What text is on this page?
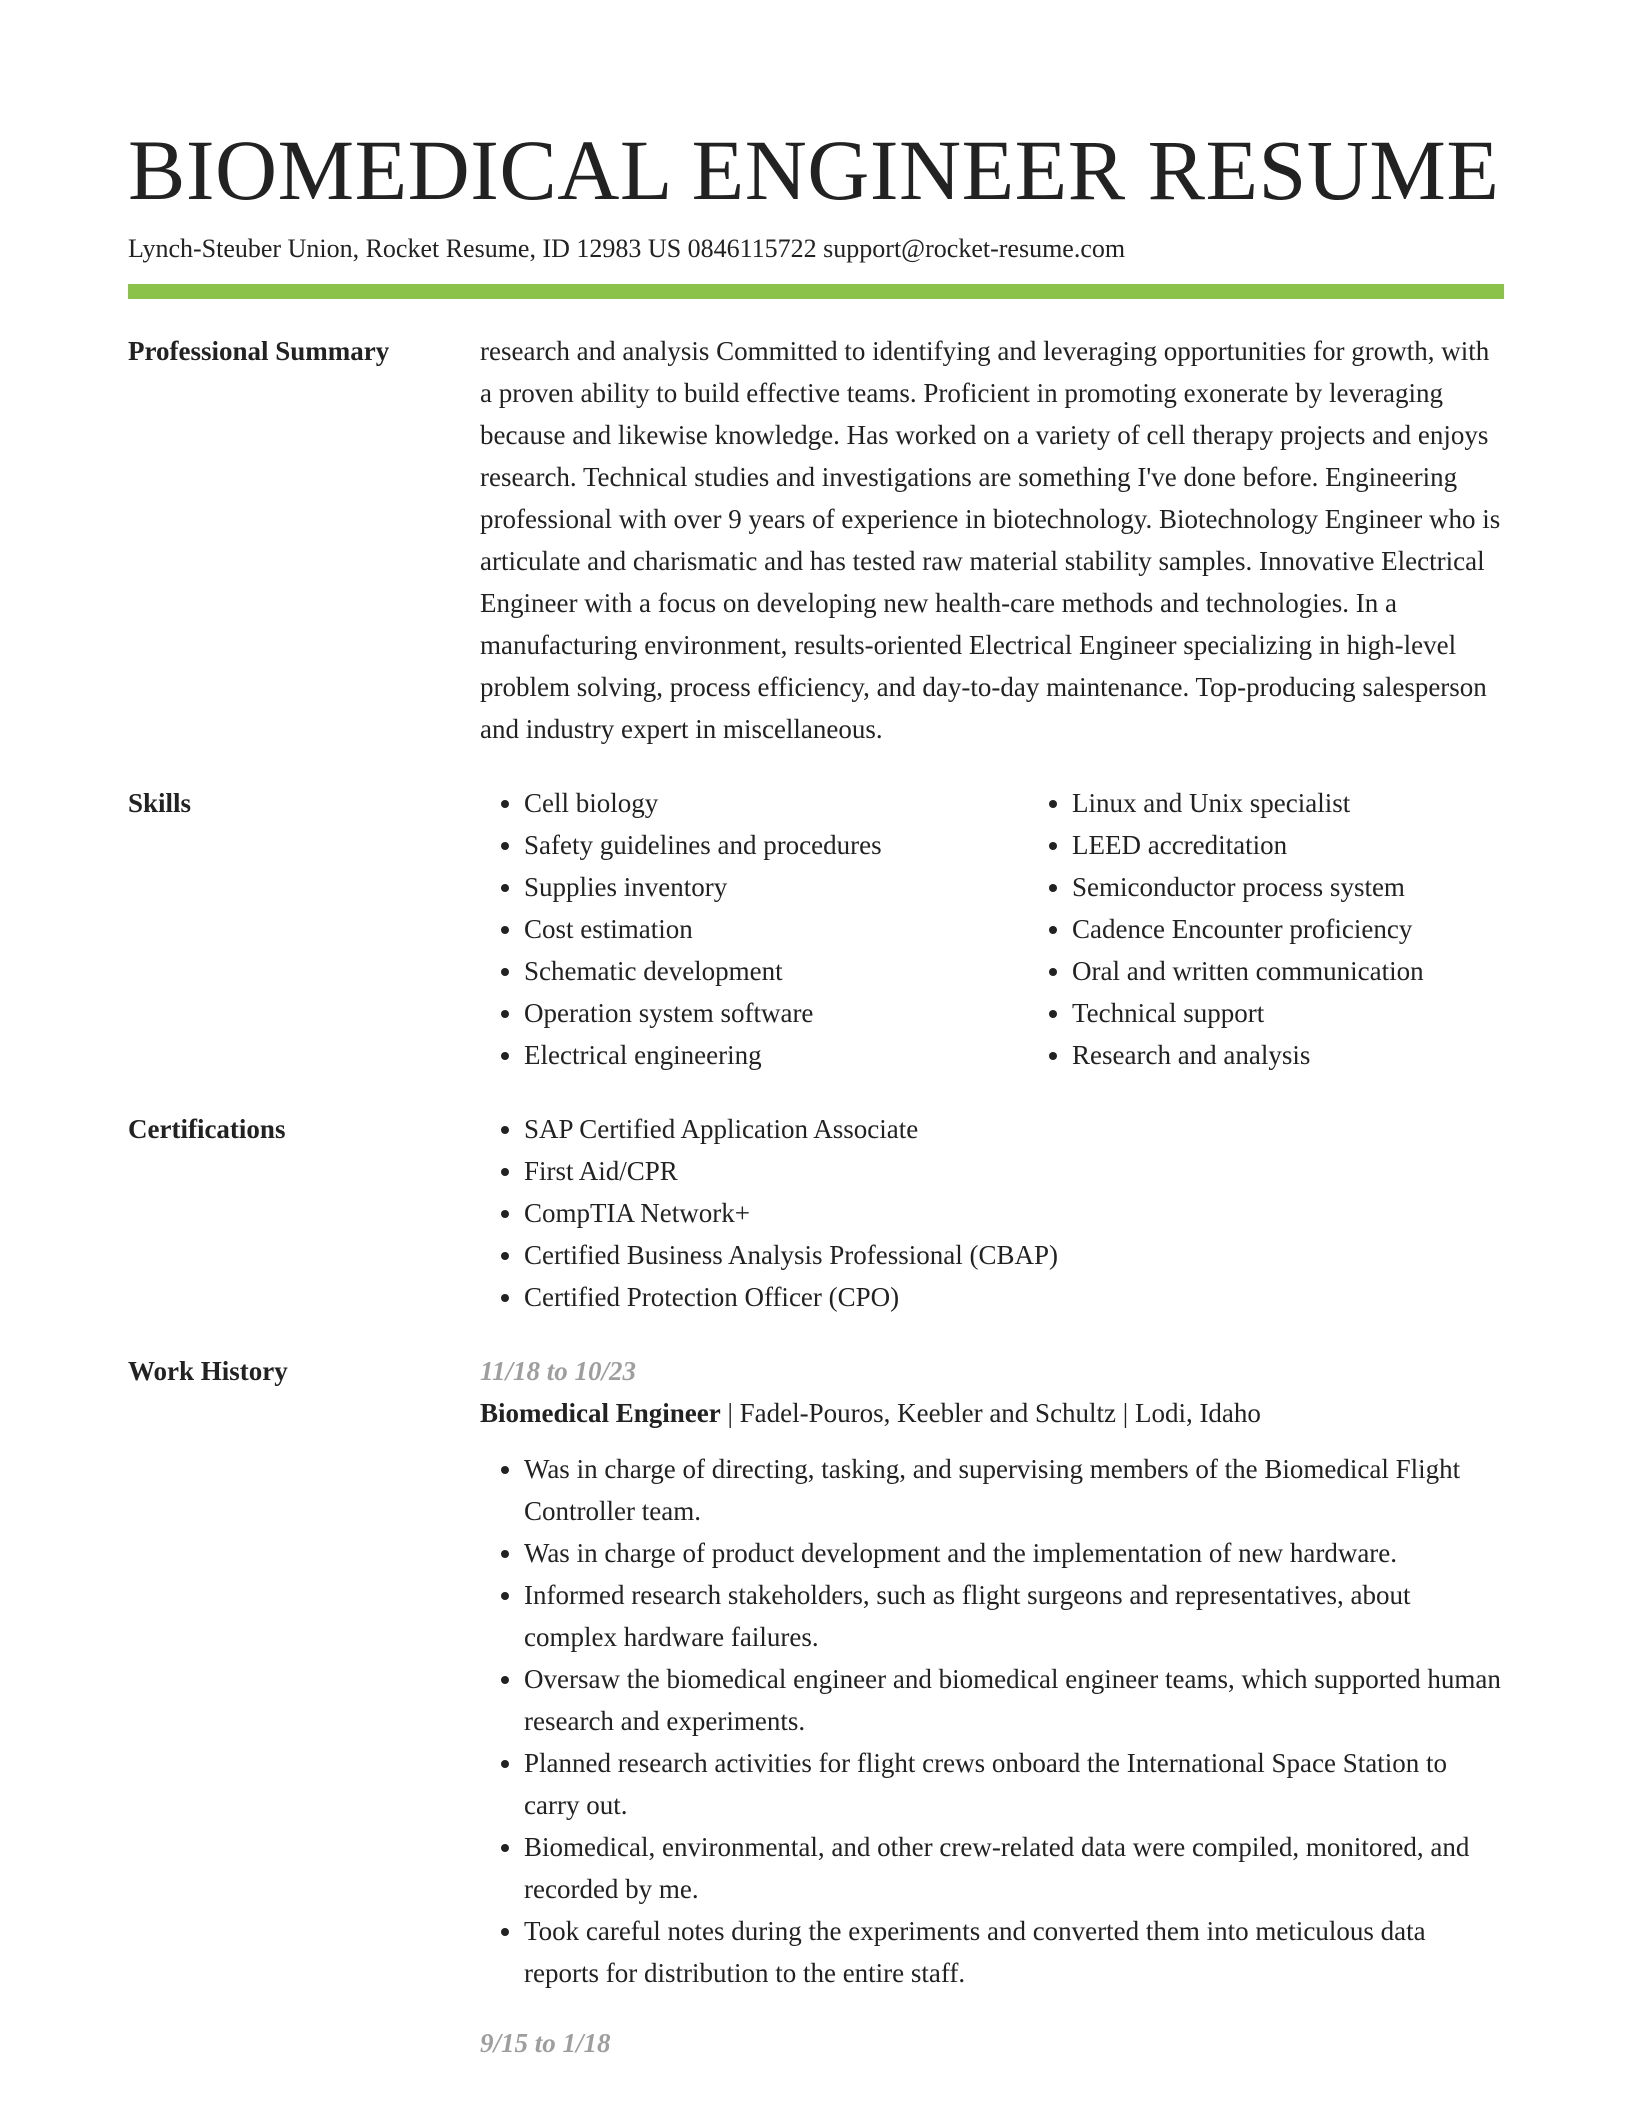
BIOMEDICAL ENGINEER RESUME
Lynch-Steuber Union, Rocket Resume, ID 12983 US 0846115722 support@rocket-resume.com
Professional Summary	research and analysis Committed to identifying and leveraging opportunities for growth, with a proven ability to build effective teams. Proficient in promoting exonerate by leveraging because and likewise knowledge. Has worked on a variety of cell therapy projects and enjoys research. Technical studies and investigations are something I've done before. Engineering professional with over 9 years of experience in biotechnology. Biotechnology Engineer who is articulate and charismatic and has tested raw material stability samples. Innovative Electrical Engineer with a focus on developing new health-care methods and technologies. In a manufacturing environment, results-oriented Electrical Engineer specializing in high-level problem solving, process efficiency, and day-to-day maintenance. Top-producing salesperson and industry expert in miscellaneous.

Skills	• Cell biology
• Safety guidelines and procedures
• Supplies inventory
• Cost estimation
• Schematic development
• Operation system software
• Electrical engineering
• Linux and Unix specialist
• LEED accreditation
• Semiconductor process system
• Cadence Encounter proficiency
• Oral and written communication
• Technical support
• Research and analysis
Certifications	• SAP Certified Application Associate
• First Aid/CPR
• CompTIA Network+
• Certified Business Analysis Professional (CBAP)
• Certified Protection Officer (CPO)
Work History	11/18 to 10/23
Biomedical Engineer | Fadel-Pouros, Keebler and Schultz | Lodi, Idaho
• Was in charge of directing, tasking, and supervising members of the Biomedical Flight Controller team.
• Was in charge of product development and the implementation of new hardware.
• Informed research stakeholders, such as flight surgeons and representatives, about complex hardware failures.
• Oversaw the biomedical engineer and biomedical engineer teams, which supported human research and experiments.
• Planned research activities for flight crews onboard the International Space Station to carry out.
• Biomedical, environmental, and other crew-related data were compiled, monitored, and recorded by me.
• Took careful notes during the experiments and converted them into meticulous data reports for distribution to the entire staff.
9/15 to 1/18
